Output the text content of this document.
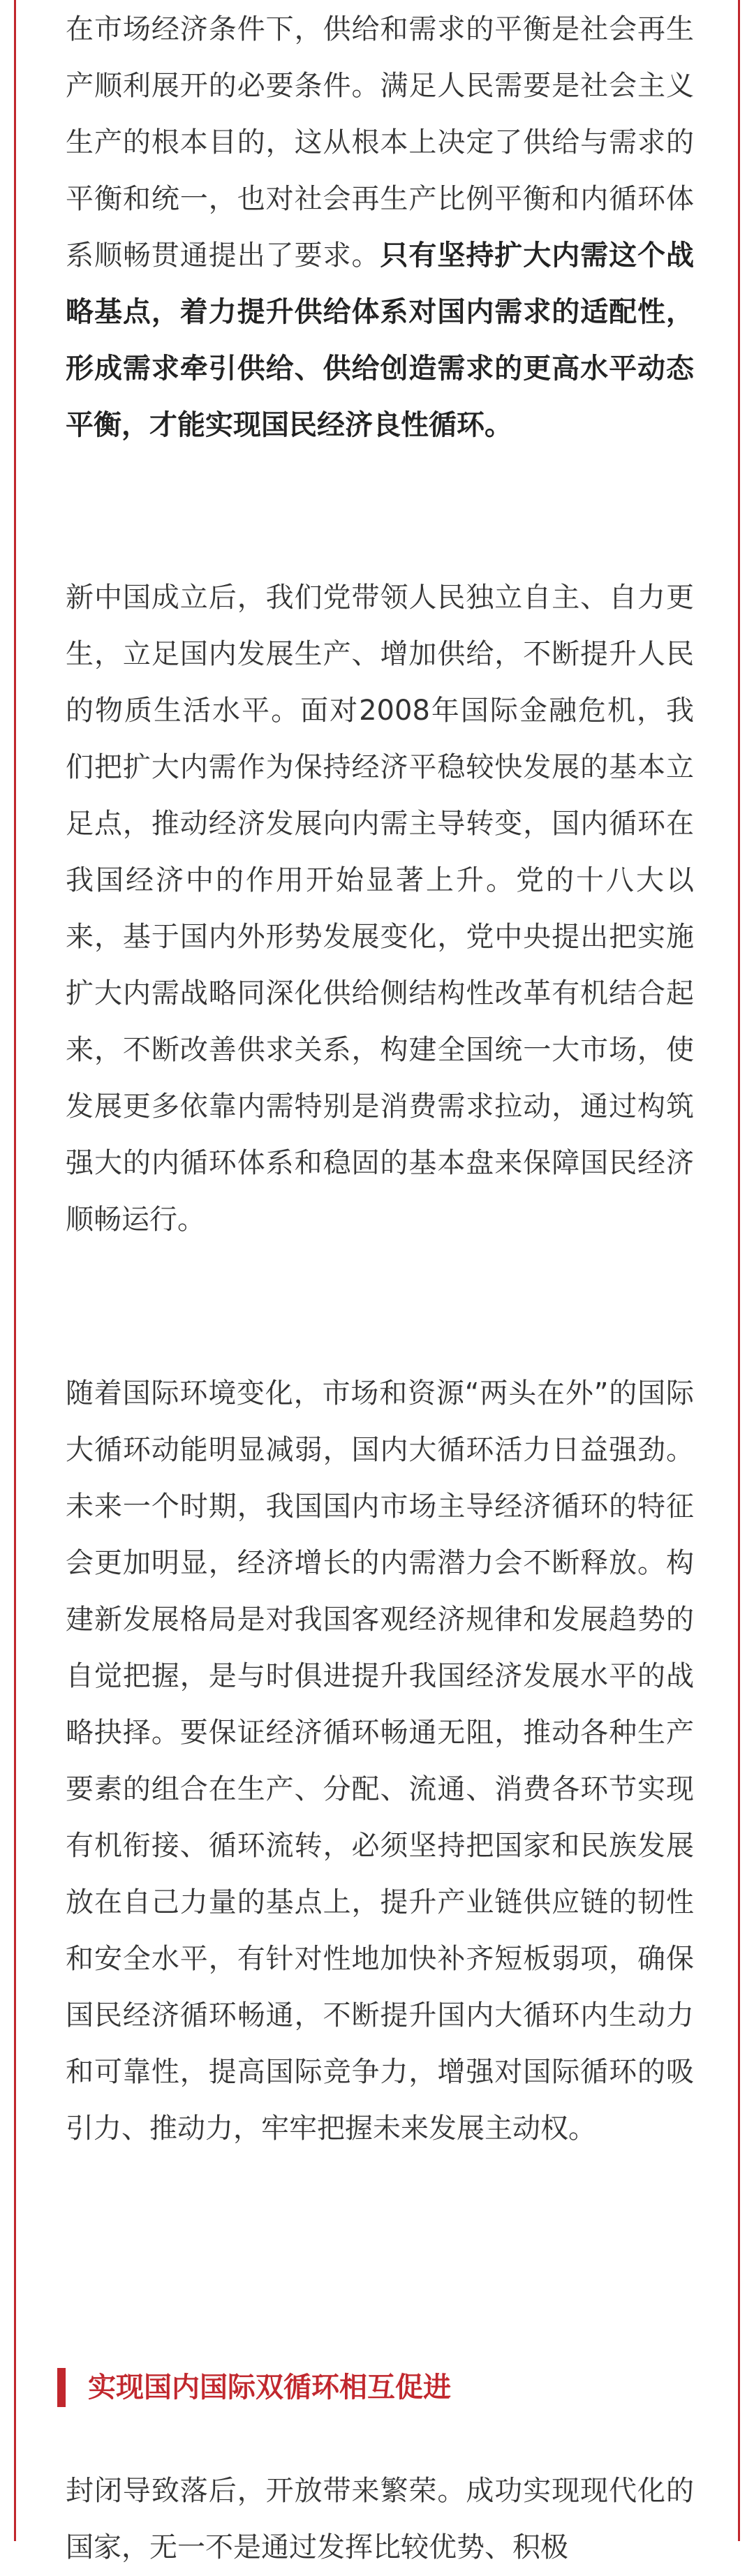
在市场经济条件下，供给和需求的平衡是社会再生产顺利展开的必要条件。满足人民需要是社会主义生产的根本目的，这从根本上决定了供给与需求的平衡和统一，也对社会再生产比例平衡和内循环体系顺畅贯通提出了要求。只有坚持扩大内需这个战略基点，着力提升供给体系对国内需求的适配性，形成需求牵引供给、供给创造需求的更高水平动态平衡，才能实现国民经济良性循环。

新中国成立后，我们党带领人民独立自主、自力更生，立足国内发展生产、增加供给，不断提升人民的物质生活水平。面对2008年国际金融危机，我们把扩大内需作为保持经济平稳较快发展的基本立足点，推动经济发展向内需主导转变，国内循环在我国经济中的作用开始显著上升。党的十八大以来，基于国内外形势发展变化，党中央提出把实施扩大内需战略同深化供给侧结构性改革有机结合起来，不断改善供求关系，构建全国统一大市场，使发展更多依靠内需特别是消费需求拉动，通过构筑强大的内循环体系和稳固的基本盘来保障国民经济顺畅运行。

随着国际环境变化，市场和资源“两头在外”的国际大循环动能明显减弱，国内大循环活力日益强劲。未来一个时期，我国国内市场主导经济循环的特征会更加明显，经济增长的内需潜力会不断释放。构建新发展格局是对我国客观经济规律和发展趋势的自觉把握，是与时俱进提升我国经济发展水平的战略抉择。要保证经济循环畅通无阻，推动各种生产要素的组合在生产、分配、流通、消费各环节实现有机衔接、循环流转，必须坚持把国家和民族发展放在自己力量的基点上，提升产业链供应链的韧性和安全水平，有针对性地加快补齐短板弱项，确保国民经济循环畅通，不断提升国内大循环内生动力和可靠性，提高国际竞争力，增强对国际循环的吸引力、推动力，牢牢把握未来发展主动权。

封闭导致落后，开放带来繁荣。成功实现现代化的国家，无一不是通过发挥比较优势、积极

实现国内国际双循环相互促进
